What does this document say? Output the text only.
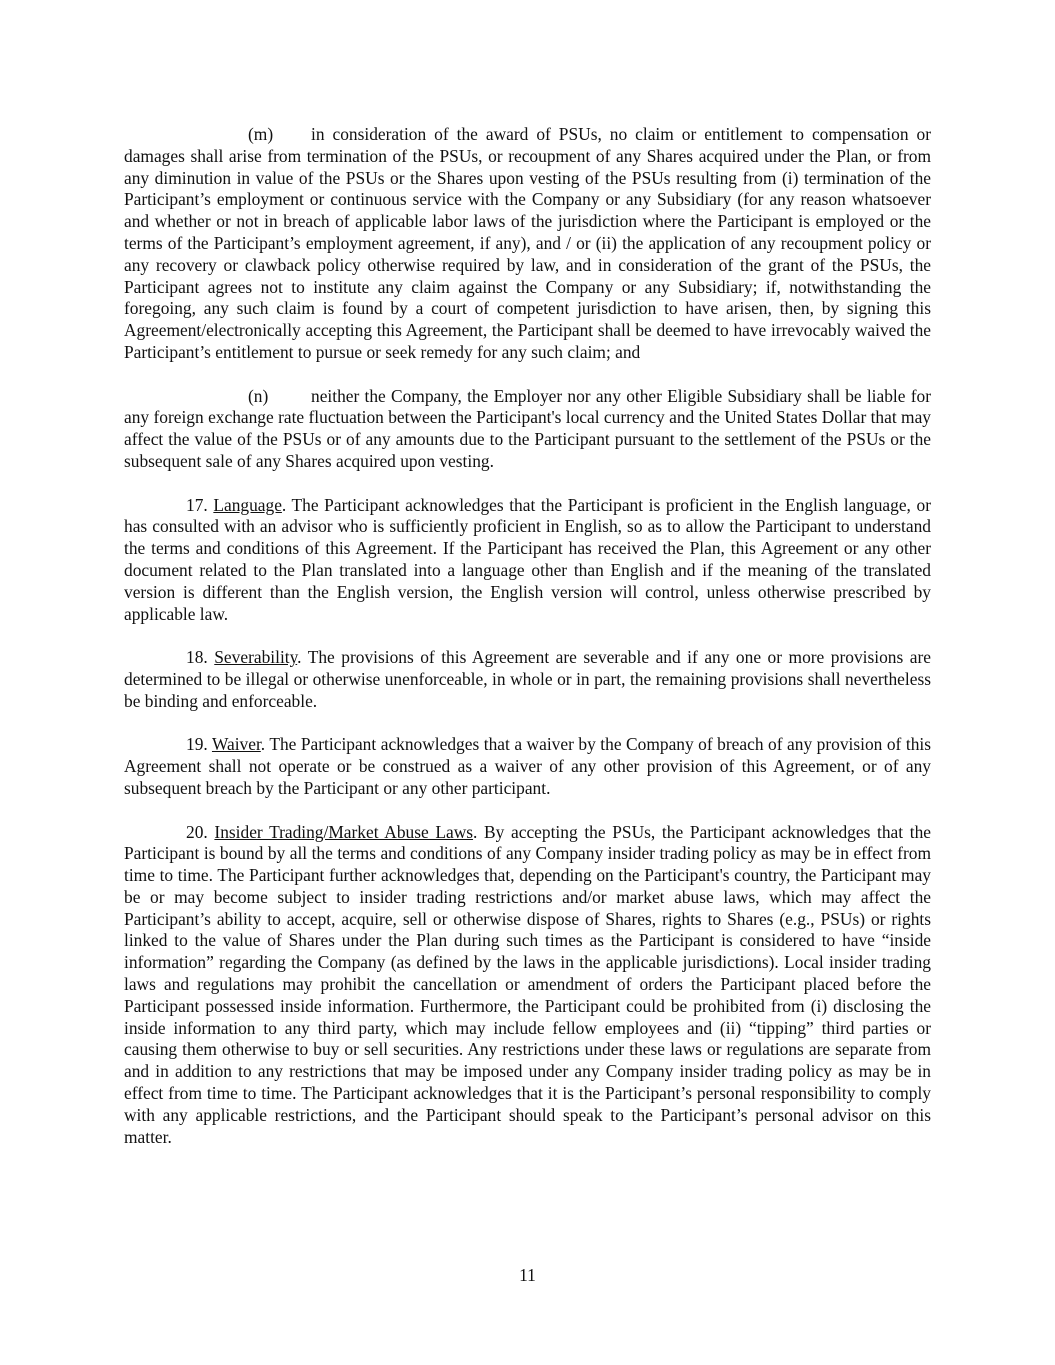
(m) in consideration of the award of PSUs, no claim or entitlement to compensation or damages shall arise from termination of the PSUs, or recoupment of any Shares acquired under the Plan, or from any diminution in value of the PSUs or the Shares upon vesting of the PSUs resulting from (i) termination of the Participant’s employment or continuous service with the Company or any Subsidiary (for any reason whatsoever and whether or not in breach of applicable labor laws of the jurisdiction where the Participant is employed or the terms of the Participant’s employment agreement, if any), and / or (ii) the application of any recoupment policy or any recovery or clawback policy otherwise required by law, and in consideration of the grant of the PSUs, the Participant agrees not to institute any claim against the Company or any Subsidiary; if, notwithstanding the foregoing, any such claim is found by a court of competent jurisdiction to have arisen, then, by signing this Agreement/electronically accepting this Agreement, the Participant shall be deemed to have irrevocably waived the Participant’s entitlement to pursue or seek remedy for any such claim; and

(n) neither the Company, the Employer nor any other Eligible Subsidiary shall be liable for any foreign exchange rate fluctuation between the Participant's local currency and the United States Dollar that may affect the value of the PSUs or of any amounts due to the Participant pursuant to the settlement of the PSUs or the subsequent sale of any Shares acquired upon vesting.

17. Language. The Participant acknowledges that the Participant is proficient in the English language, or has consulted with an advisor who is sufficiently proficient in English, so as to allow the Participant to understand the terms and conditions of this Agreement. If the Participant has received the Plan, this Agreement or any other document related to the Plan translated into a language other than English and if the meaning of the translated version is different than the English version, the English version will control, unless otherwise prescribed by applicable law.

18. Severability. The provisions of this Agreement are severable and if any one or more provisions are determined to be illegal or otherwise unenforceable, in whole or in part, the remaining provisions shall nevertheless be binding and enforceable.

19. Waiver. The Participant acknowledges that a waiver by the Company of breach of any provision of this Agreement shall not operate or be construed as a waiver of any other provision of this Agreement, or of any subsequent breach by the Participant or any other participant.

20. Insider Trading/Market Abuse Laws. By accepting the PSUs, the Participant acknowledges that the Participant is bound by all the terms and conditions of any Company insider trading policy as may be in effect from time to time. The Participant further acknowledges that, depending on the Participant's country, the Participant may be or may become subject to insider trading restrictions and/or market abuse laws, which may affect the Participant’s ability to accept, acquire, sell or otherwise dispose of Shares, rights to Shares (e.g., PSUs) or rights linked to the value of Shares under the Plan during such times as the Participant is considered to have “inside information” regarding the Company (as defined by the laws in the applicable jurisdictions). Local insider trading laws and regulations may prohibit the cancellation or amendment of orders the Participant placed before the Participant possessed inside information. Furthermore, the Participant could be prohibited from (i) disclosing the inside information to any third party, which may include fellow employees and (ii) “tipping” third parties or causing them otherwise to buy or sell securities. Any restrictions under these laws or regulations are separate from and in addition to any restrictions that may be imposed under any Company insider trading policy as may be in effect from time to time. The Participant acknowledges that it is the Participant’s personal responsibility to comply with any applicable restrictions, and the Participant should speak to the Participant’s personal advisor on this matter.

11
